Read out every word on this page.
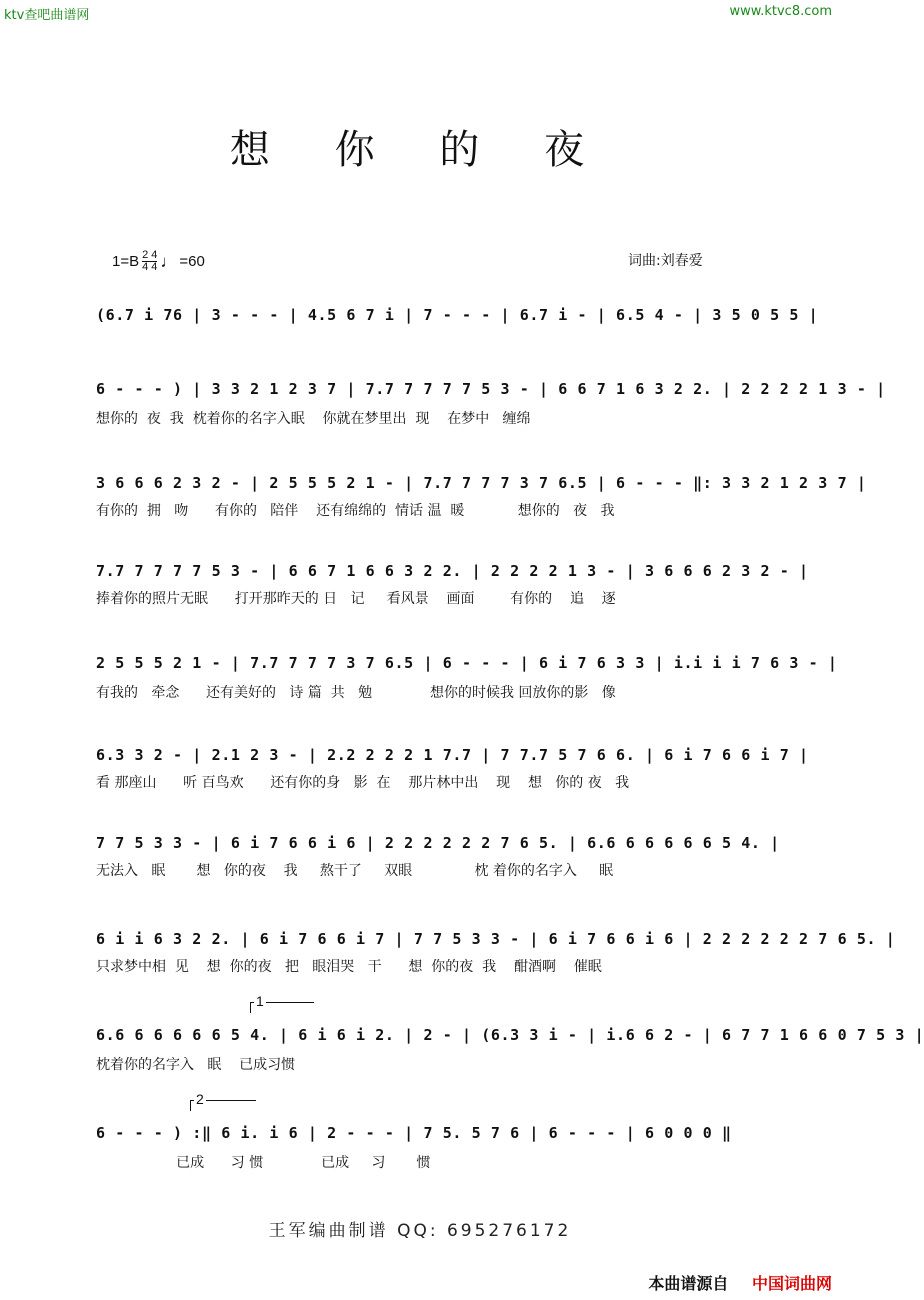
ktv查吧曲谱网	www.ktvc8.com
想 你 的 夜
1=B 2 4
4 4 ♩ =60	词曲:刘春爱

(6.7 i 76 | 3 - - - | 4.5 6 7 i | 7 - - - | 6.7 i - | 6.5 4 - | 3 5 0 5 5 |

6 - - - ) | 3 3 2 1 2 3 7 | 7.7 7 7 7 7 5 3 - | 6 6 7 1 6 3 2 2. | 2 2 2 2 1 3 - |

想你的  夜  我  枕着你的名字入眠    你就在梦里出  现    在梦中   缠绵

3 6 6 6 2 3 2 - | 2 5 5 5 2 1 - | 7.7 7 7 7 3 7 6.5 | 6 - - - ‖: 3 3 2 1 2 3 7 |

有你的  拥   吻      有你的   陪伴    还有绵绵的  情话 温  暖            想你的   夜   我

7.7 7 7 7 7 5 3 - | 6 6 7 1 6 6 3 2 2. | 2 2 2 2 1 3 - | 3 6 6 6 2 3 2 - |

捧着你的照片无眠      打开那昨天的 日   记     看风景    画面        有你的    追    逐

2 5 5 5 2 1 - | 7.7 7 7 7 3 7 6.5 | 6 - - - | 6 i 7 6 3 3 | i.i i i 7 6 3 - |

有我的   牵念      还有美好的   诗 篇  共   勉             想你的时候我 回放你的影   像

6.3 3 2 - | 2.1 2 3 - | 2.2 2 2 2 1 7.7 | 7 7.7 5 7 6 6. | 6 i 7 6 6 i 7 |

看 那座山      听 百鸟欢      还有你的身   影  在    那片林中出    现    想   你的 夜   我

7 7 5 3 3 - | 6 i 7 6 6 i 6 | 2 2 2 2 2 2 7 6 5. | 6.6 6 6 6 6 6 5 4. |

无法入   眠       想   你的夜    我     熬干了     双眼              枕 着你的名字入     眠

6 i i 6 3 2 2. | 6 i 7 6 6 i 7 | 7 7 5 3 3 - | 6 i 7 6 6 i 6 | 2 2 2 2 2 2 7 6 5. |

只求梦中相  见    想  你的夜   把   眼泪哭   干      想  你的夜  我    酣酒啊    催眠
1

6.6 6 6 6 6 6 5 4. | 6 i 6 i 2. | 2 - | (6.3 3 i - | i.6 6 2 - | 6 7 7 1 6 6 0 7 5 3 |

枕着你的名字入   眠    已成习惯
2

6 - - - ) :‖ 6 i. i 6 | 2 - - - | 7 5. 5 7 6 | 6 - - - | 6 0 0 0 ‖

已成      习 惯             已成     习       惯
王军编曲制谱 QQ: 695276172
本曲谱源自 中国词曲网
